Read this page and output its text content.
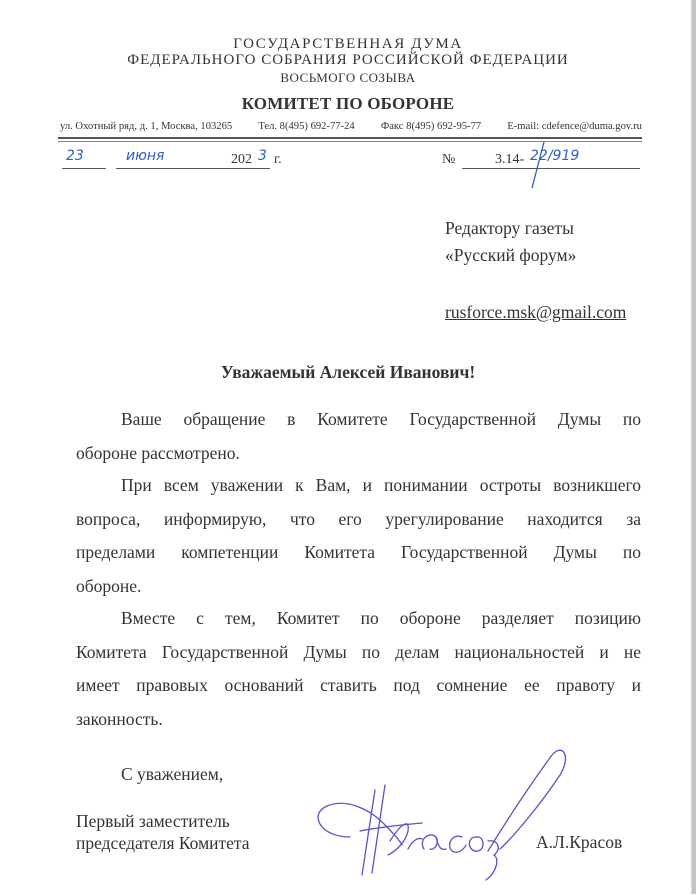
ГОСУДАРСТВЕННАЯ ДУМА
ФЕДЕРАЛЬНОГО СОБРАНИЯ РОССИЙСКОЙ ФЕДЕРАЦИИ
ВОСЬМОГО СОЗЫВА
КОМИТЕТ ПО ОБОРОНЕ
ул. Охотный ряд, д. 1, Москва, 103265 Тел. 8(495) 692-77-24 Факс 8(495) 692-95-77 E-mail: cdefence@duma.gov.ru
23	июня	202 3 г.	№	3.14- 22/919
Редактору газеты
«Русский форум»
rusforce.msk@gmail.com
Уважаемый Алексей Иванович!
Ваше обращение в Комитете Государственной Думы по
обороне рассмотрено.
При всем уважении к Вам, и понимании остроты возникшего
вопроса, информирую, что его урегулирование находится за
пределами компетенции Комитета Государственной Думы по
обороне.
Вместе с тем, Комитет по обороне разделяет позицию
Комитета Государственной Думы по делам национальностей и не
имеет правовых оснований ставить под сомнение ее правоту и
законность.
С уважением,
Первый заместитель
председателя Комитета	А.Л.Красов
